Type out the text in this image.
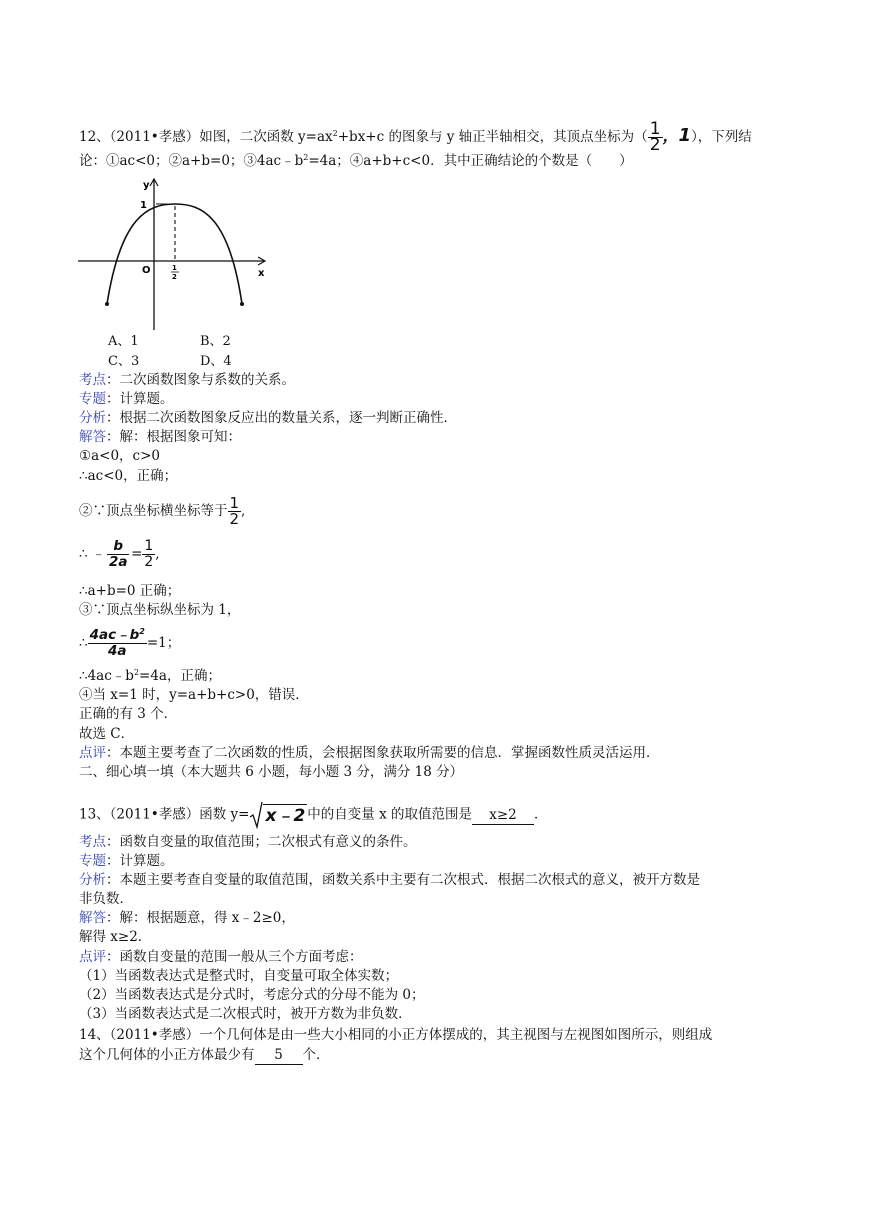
12、（2011•孝感）如图，二次函数 $y=ax^2+bx+c$ 的图象与 y 轴正半轴相交，其顶点坐标为（ $\frac{1}{2}$ ，1），下列结
论：①ac<0；②a+b=0；$③4ac﹣b^2=4a$；④a+b+c<0．其中正确结论的个数是（　　）
y
x
O
1
1
2
A、1	B、2
C、3	D、4
考点：二次函数图象与系数的关系。
专题：计算题。
分析：根据二次函数图象反应出的数量关系，逐一判断正确性．
解答：解：根据图象可知：
①a<0，c>0
∴ac<0，正确；
②∵顶点坐标横坐标等于 $\frac{1}{2}$ ,
∴ ﹣ $\frac{b}{2a} = \frac{1}{2}$ ,
∴a+b=0 正确；
③∵顶点坐标纵坐标为 1，
∴ $\frac{4ac﹣b^2}{4a} =1$；
$\therefore 4ac﹣b^2=4a$，正确；
④当 x=1 时，y=a+b+c>0，错误．
正确的有 3 个．
故选 C．
点评：本题主要考查了二次函数的性质，会根据图象获取所需要的信息．掌握函数性质灵活运用．
二、细心填一填（本大题共 6 小题，每小题 3 分，满分 18 分）
13、（2011•孝感）函数 y= x﹣2 中的自变量 x 的取值范围是 x≥2 ．
考点：函数自变量的取值范围；二次根式有意义的条件。
专题：计算题。
分析：本题主要考查自变量的取值范围，函数关系中主要有二次根式．根据二次根式的意义，被开方数是
非负数．
解答：解：根据题意，得 x﹣2≥0，
解得 x≥2．
点评：函数自变量的范围一般从三个方面考虑：
（1）当函数表达式是整式时，自变量可取全体实数；
（2）当函数表达式是分式时，考虑分式的分母不能为 0；
（3）当函数表达式是二次根式时，被开方数为非负数．
14、（2011•孝感）一个几何体是由一些大小相同的小正方体摆成的，其主视图与左视图如图所示，则组成
这个几何体的小正方体最少有 5 个．
